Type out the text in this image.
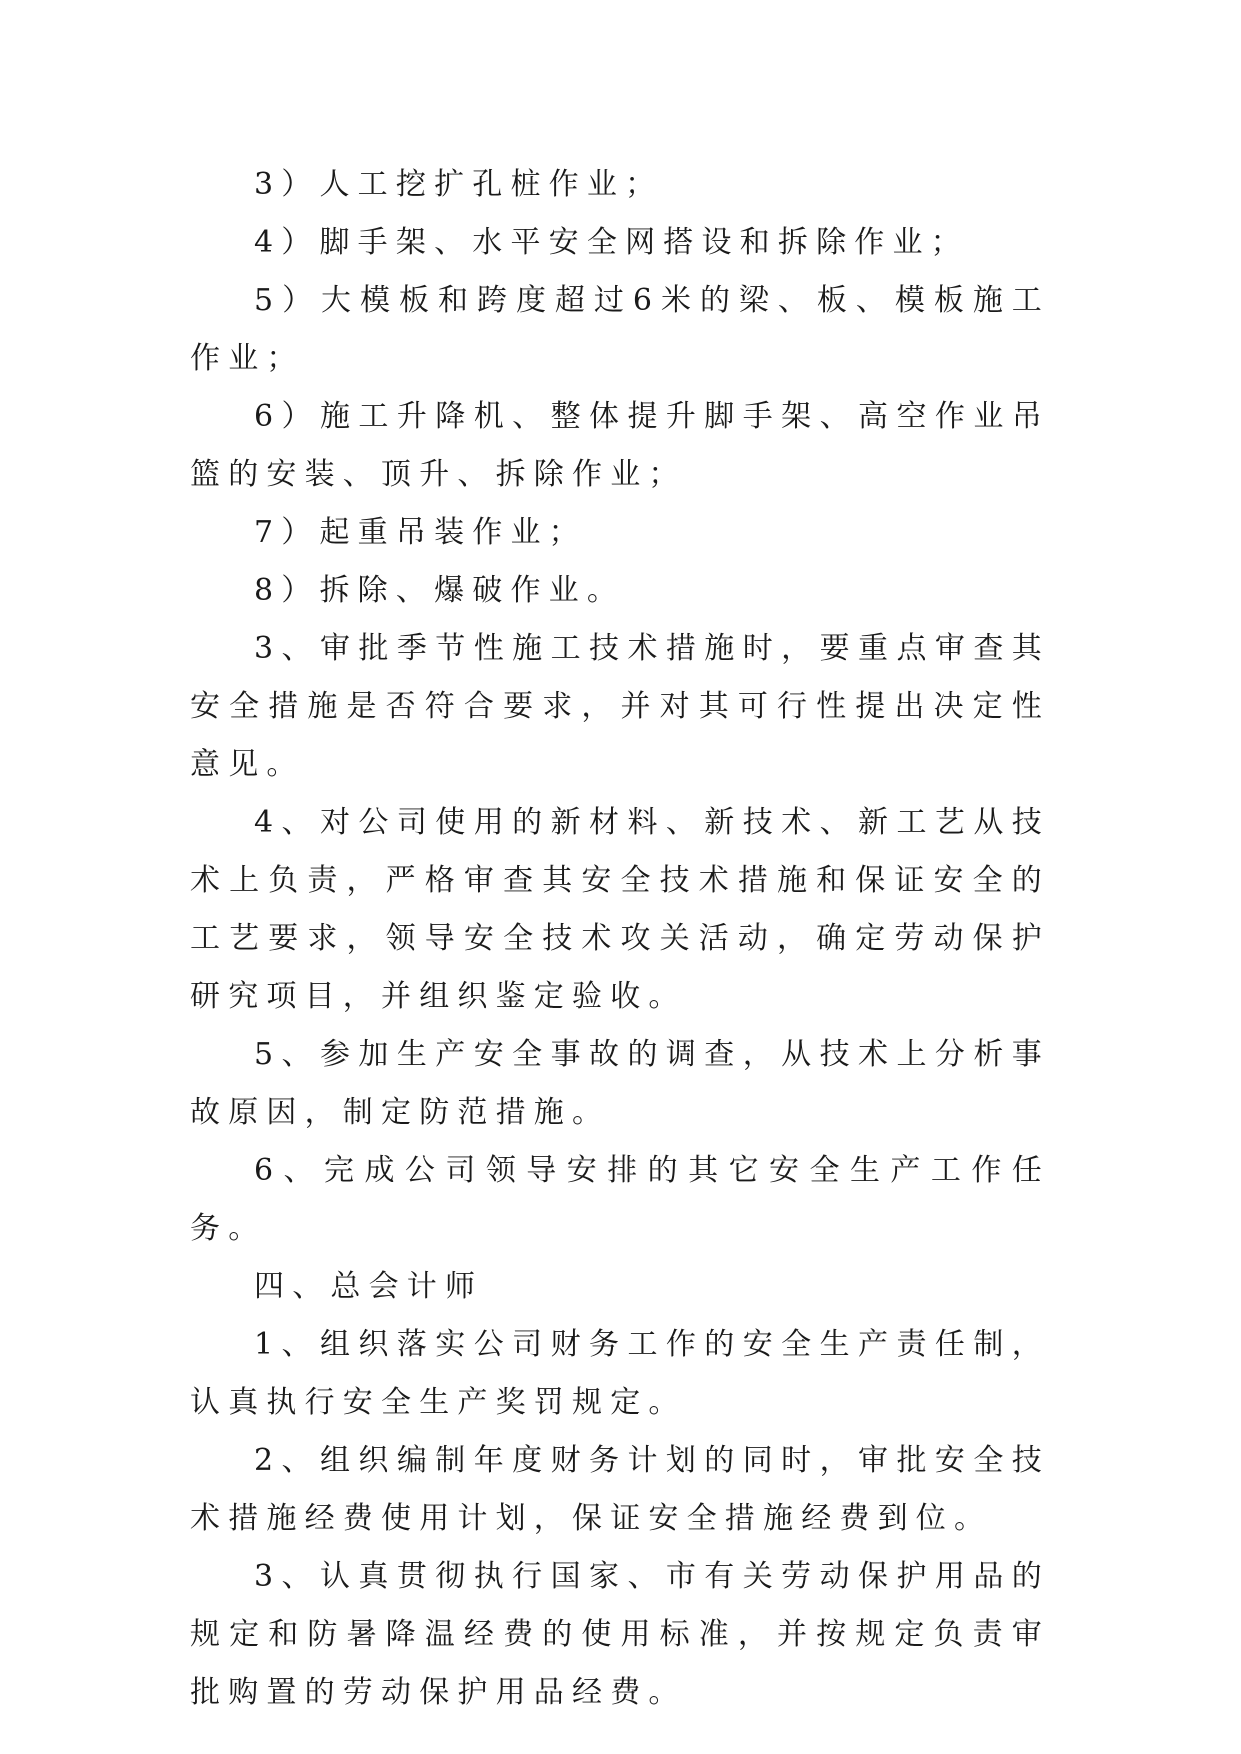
3）人工挖扩孔桩作业；

4）脚手架、水平安全网搭设和拆除作业；

5）大模板和跨度超过6米的梁、板、模板施工作业；

6）施工升降机、整体提升脚手架、高空作业吊篮的安装、顶升、拆除作业；

7）起重吊装作业；

8）拆除、爆破作业。

3、审批季节性施工技术措施时，要重点审查其安全措施是否符合要求，并对其可行性提出决定性意见。

4、对公司使用的新材料、新技术、新工艺从技术上负责，严格审查其安全技术措施和保证安全的工艺要求，领导安全技术攻关活动，确定劳动保护研究项目，并组织鉴定验收。

5、参加生产安全事故的调查，从技术上分析事故原因，制定防范措施。

6、完成公司领导安排的其它安全生产工作任务。

四、总会计师

1、组织落实公司财务工作的安全生产责任制，认真执行安全生产奖罚规定。

2、组织编制年度财务计划的同时，审批安全技术措施经费使用计划，保证安全措施经费到位。

3、认真贯彻执行国家、市有关劳动保护用品的规定和防暑降温经费的使用标准，并按规定负责审批购置的劳动保护用品经费。
